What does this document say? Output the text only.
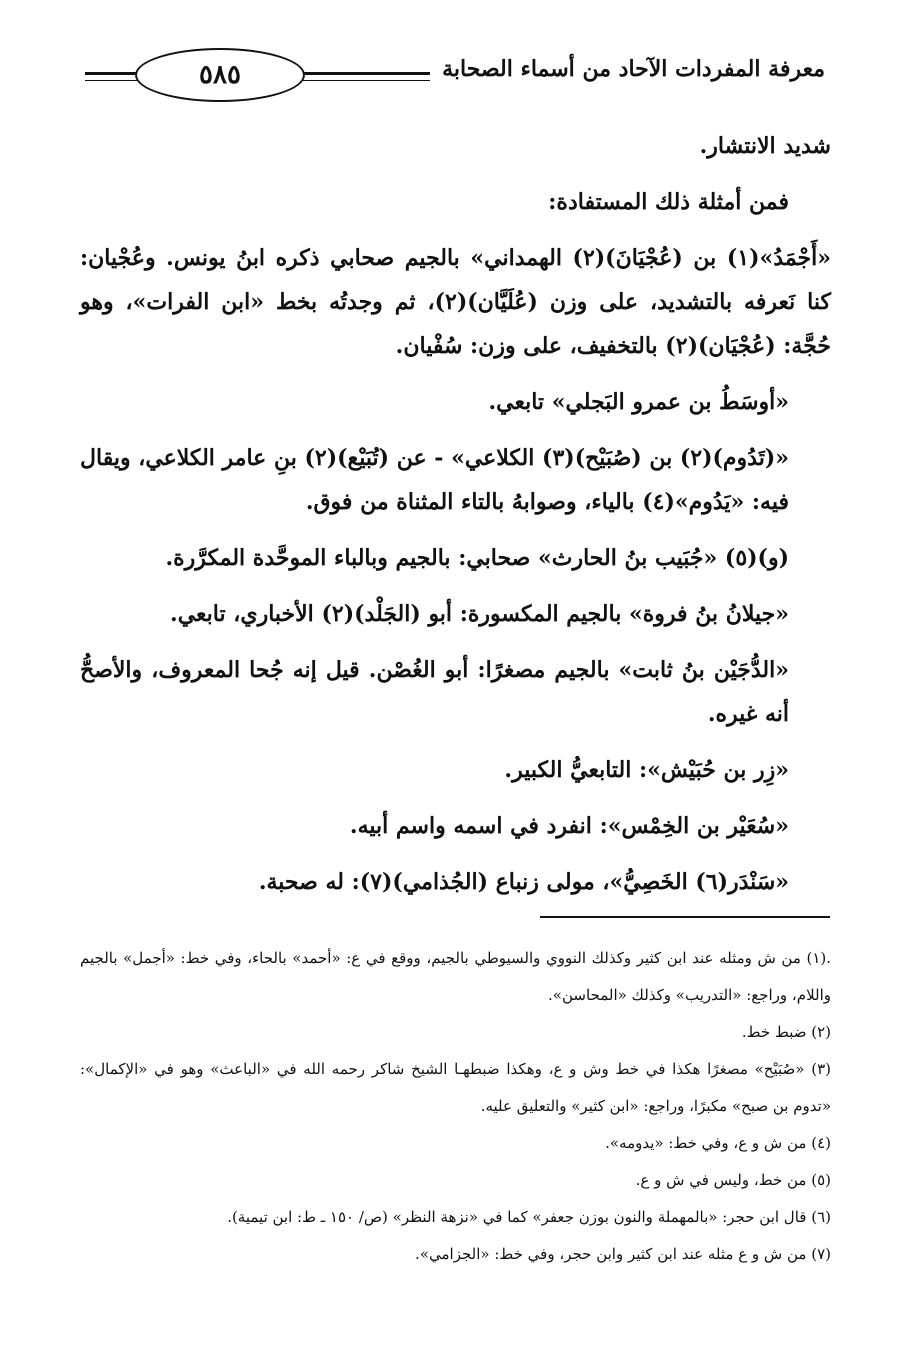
معرفة المفردات الآحاد من أسماء الصحابة
٥٨٥

شديد الانتشار.

فمن أمثلة ذلك المستفادة:

«أَجْمَدُ»(١) بن (عُجْيَانَ)(٢) الهمداني» بالجيم صحابي ذكره ابنُ يونس. وعُجْيان: كنا نَعرفه بالتشديد، على وزن (عُلَيَّان)(٢)، ثم وجدتُه بخط «ابن الفرات»، وهو حُجَّة: (عُجْيَان)(٢) بالتخفيف، على وزن: سُفْيان.

«أوسَطُ بن عمرو البَجلي» تابعي.

«(تَدُوم)(٢) بن (صُبَيْح)(٣) الكلاعي» - عن (تُبَيْع)(٢) بنِ عامر الكلاعي، ويقال فيه: «يَدُوم»(٤) بالياء، وصوابهُ بالتاء المثناة من فوق.

(و)(٥) «جُبَيب بنُ الحارث» صحابي: بالجيم وبالباء الموحَّدة المكرَّرة.

«جيلانُ بنُ فروة» بالجيم المكسورة: أبو (الجَلْد)(٢) الأخباري، تابعي.

«الدُّجَيْن بنُ ثابت» بالجيم مصغرًا: أبو الغُصْن. قيل إنه جُحا المعروف، والأصحُّ أنه غيره.

«زِر بن حُبَيْش»: التابعيُّ الكبير.

«سُعَيْر بن الخِمْس»: انفرد في اسمه واسم أبيه.

«سَنْدَر(٦) الخَصِيُّ»، مولى زنباع (الجُذامي)(٧): له صحبة.

.(١) من ش ومثله عند ابن كثير وكذلك النووي والسيوطي بالجيم، ووقع في ع: «أحمد» بالحاء، وفي خط: «أجمل» بالجيم واللام، وراجع: «التدريب» وكذلك «المحاسن».

(٢) ضبط خط.

(٣) «صُبَيْح» مصغرًا هكذا في خط وش و ع، وهكذا ضبطهـا الشيخ شاكر رحمه الله في «الباعث» وهو في «الإكمال»: «تدوم بن صبح» مكبرًا، وراجع: «ابن كثير» والتعليق عليه.

(٤) من ش و ع، وفي خط: «يدومه».

(٥) من خط، وليس في ش و ع.

(٦) قال ابن حجر: «بالمهملة والنون بوزن جعفر» كما في «نزهة النظر» (ص/ ١٥٠ ـ ط: ابن تيمية).

(٧) من ش و ع مثله عند ابن كثير وابن حجر، وفي خط: «الجزامي».
